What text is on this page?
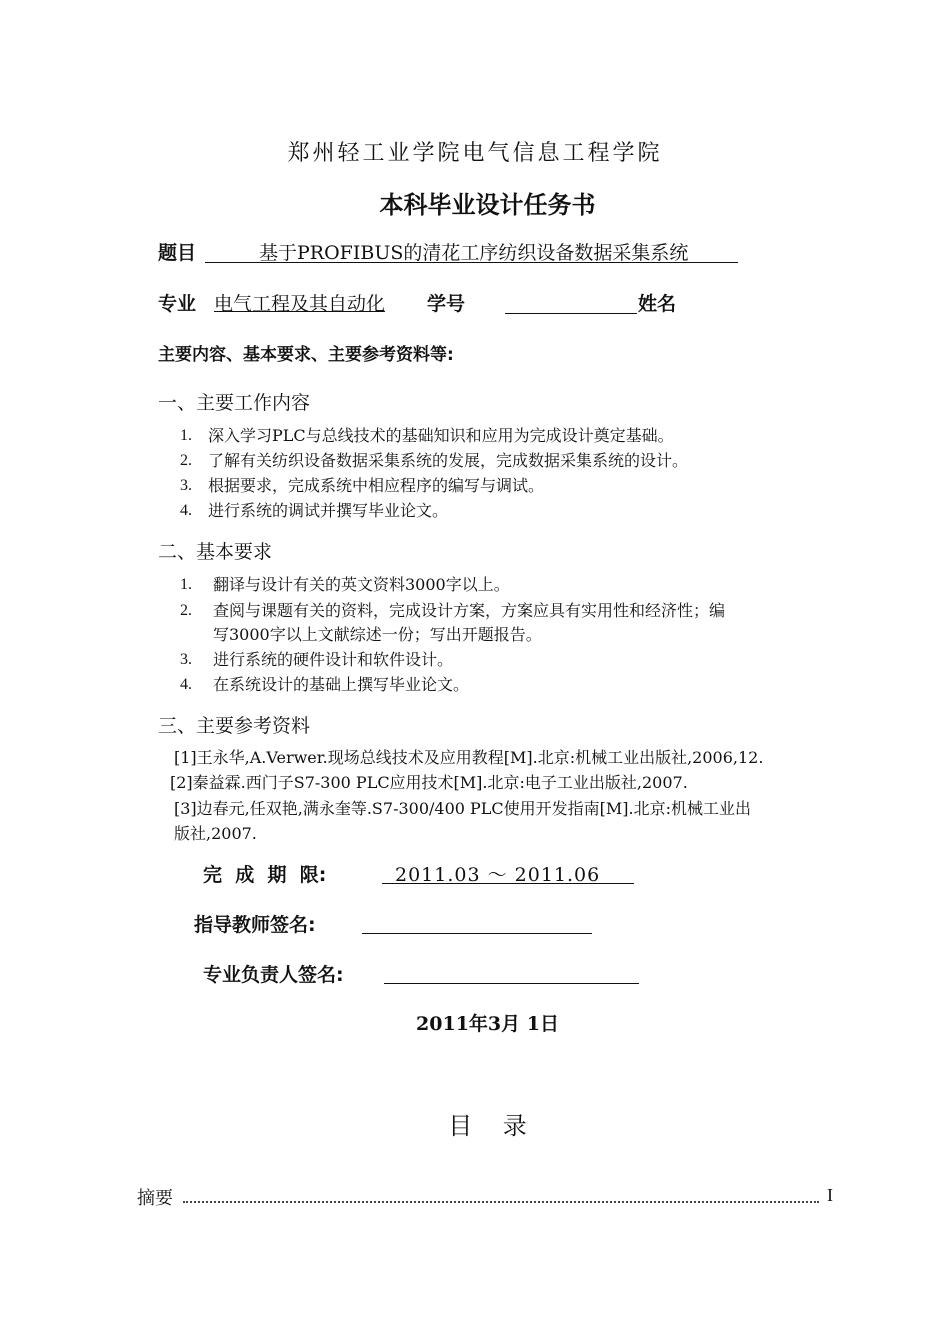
郑州轻工业学院电气信息工程学院
本科毕业设计任务书
题目	基于PROFIBUS的清花工序纺织设备数据采集系统
专业 电气工程及其自动化 学号	姓名
主要内容、基本要求、主要参考资料等:
一、主要工作内容
1. 深入学习PLC与总线技术的基础知识和应用为完成设计奠定基础。
2. 了解有关纺织设备数据采集系统的发展，完成数据采集系统的设计。
3. 根据要求，完成系统中相应程序的编写与调试。
4. 进行系统的调试并撰写毕业论文。
二、基本要求
1. 翻译与设计有关的英文资料3000字以上。
2. 查阅与课题有关的资料，完成设计方案，方案应具有实用性和经济性；编
写3000字以上文献综述一份；写出开题报告。
3. 进行系统的硬件设计和软件设计。
4. 在系统设计的基础上撰写毕业论文。
三、主要参考资料
[1]王永华,A.Verwer.现场总线技术及应用教程[M].北京:机械工业出版社,2006,12.
[2]秦益霖.西门子S7-300 PLC应用技术[M].北京:电子工业出版社,2007.
[3]边春元,任双艳,满永奎等.S7-300/400 PLC使用开发指南[M].北京:机械工业出
版社,2007.
完  成  期  限:	2011.03 ～ 2011.06
指导教师签名:
专业负责人签名:
2011年3月 1日
目    录
摘要	I
